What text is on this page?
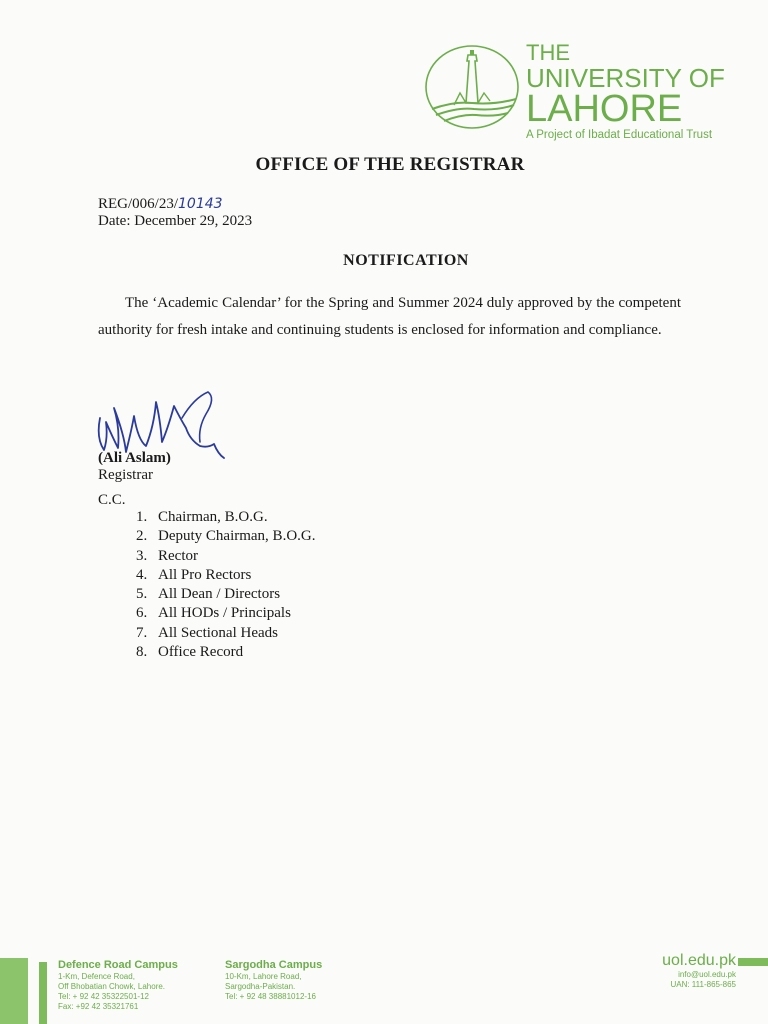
THE
UNIVERSITY OF
LAHORE
A Project of Ibadat Educational Trust
OFFICE OF THE REGISTRAR
REG/006/23/10143
Date: December 29, 2023
NOTIFICATION
The ‘Academic Calendar’ for the Spring and Summer 2024 duly approved by the competent authority for fresh intake and continuing students is enclosed for information and compliance.
(Ali Aslam)
Registrar
C.C.
1. Chairman, B.O.G.
2. Deputy Chairman, B.O.G.
3. Rector
4. All Pro Rectors
5. All Dean / Directors
6. All HODs / Principals
7. All Sectional Heads
8. Office Record
Defence Road Campus
1-Km, Defence Road,
Off Bhobatian Chowk, Lahore.
Tel: + 92 42 35322501-12
Fax: +92 42 35321761
Sargodha Campus
10-Km, Lahore Road,
Sargodha-Pakistan.
Tel: + 92 48 38881012-16
uol.edu.pk
info@uol.edu.pk
UAN: 111-865-865
